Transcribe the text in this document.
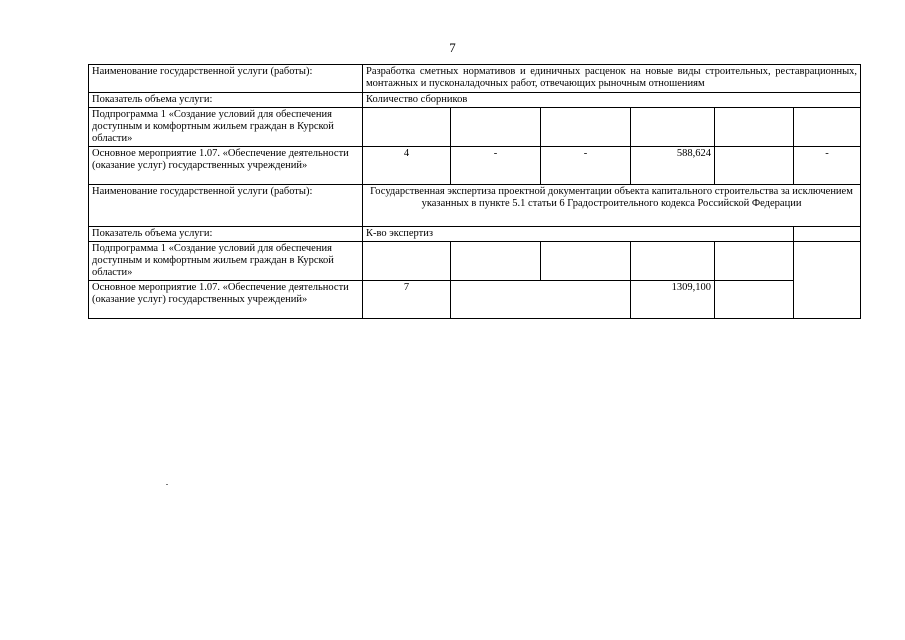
7
Наименование государственной услуги (работы):	Разработка сметных нормативов и единичных расценок на новые виды строительных, реставрационных, монтажных и пусконаладочных работ, отвечающих рыночным отношениям					
Показатель объема услуги:	Количество сборников					
Подпрограмма 1 «Создание условий для обеспечения доступным и комфортным жильем граждан в Курской области»						
Основное мероприятие 1.07. «Обеспечение деятельности (оказание услуг) государственных учреждений»	4	-	-	588,624		-
Наименование государственной услуги (работы):	Государственная экспертиза проектной документации объекта капитального строительства за исключением указанных в пункте 5.1 статьи 6 Градостроительного кодекса Российской Федерации					
Показатель объема услуги:	К-во экспертиз					
Подпрограмма 1 «Создание условий для обеспечения доступным и комфортным жильем граждан в Курской области»						
Основное мероприятие 1.07. «Обеспечение деятельности (оказание услуг) государственных учреждений»	7			1309,100		
